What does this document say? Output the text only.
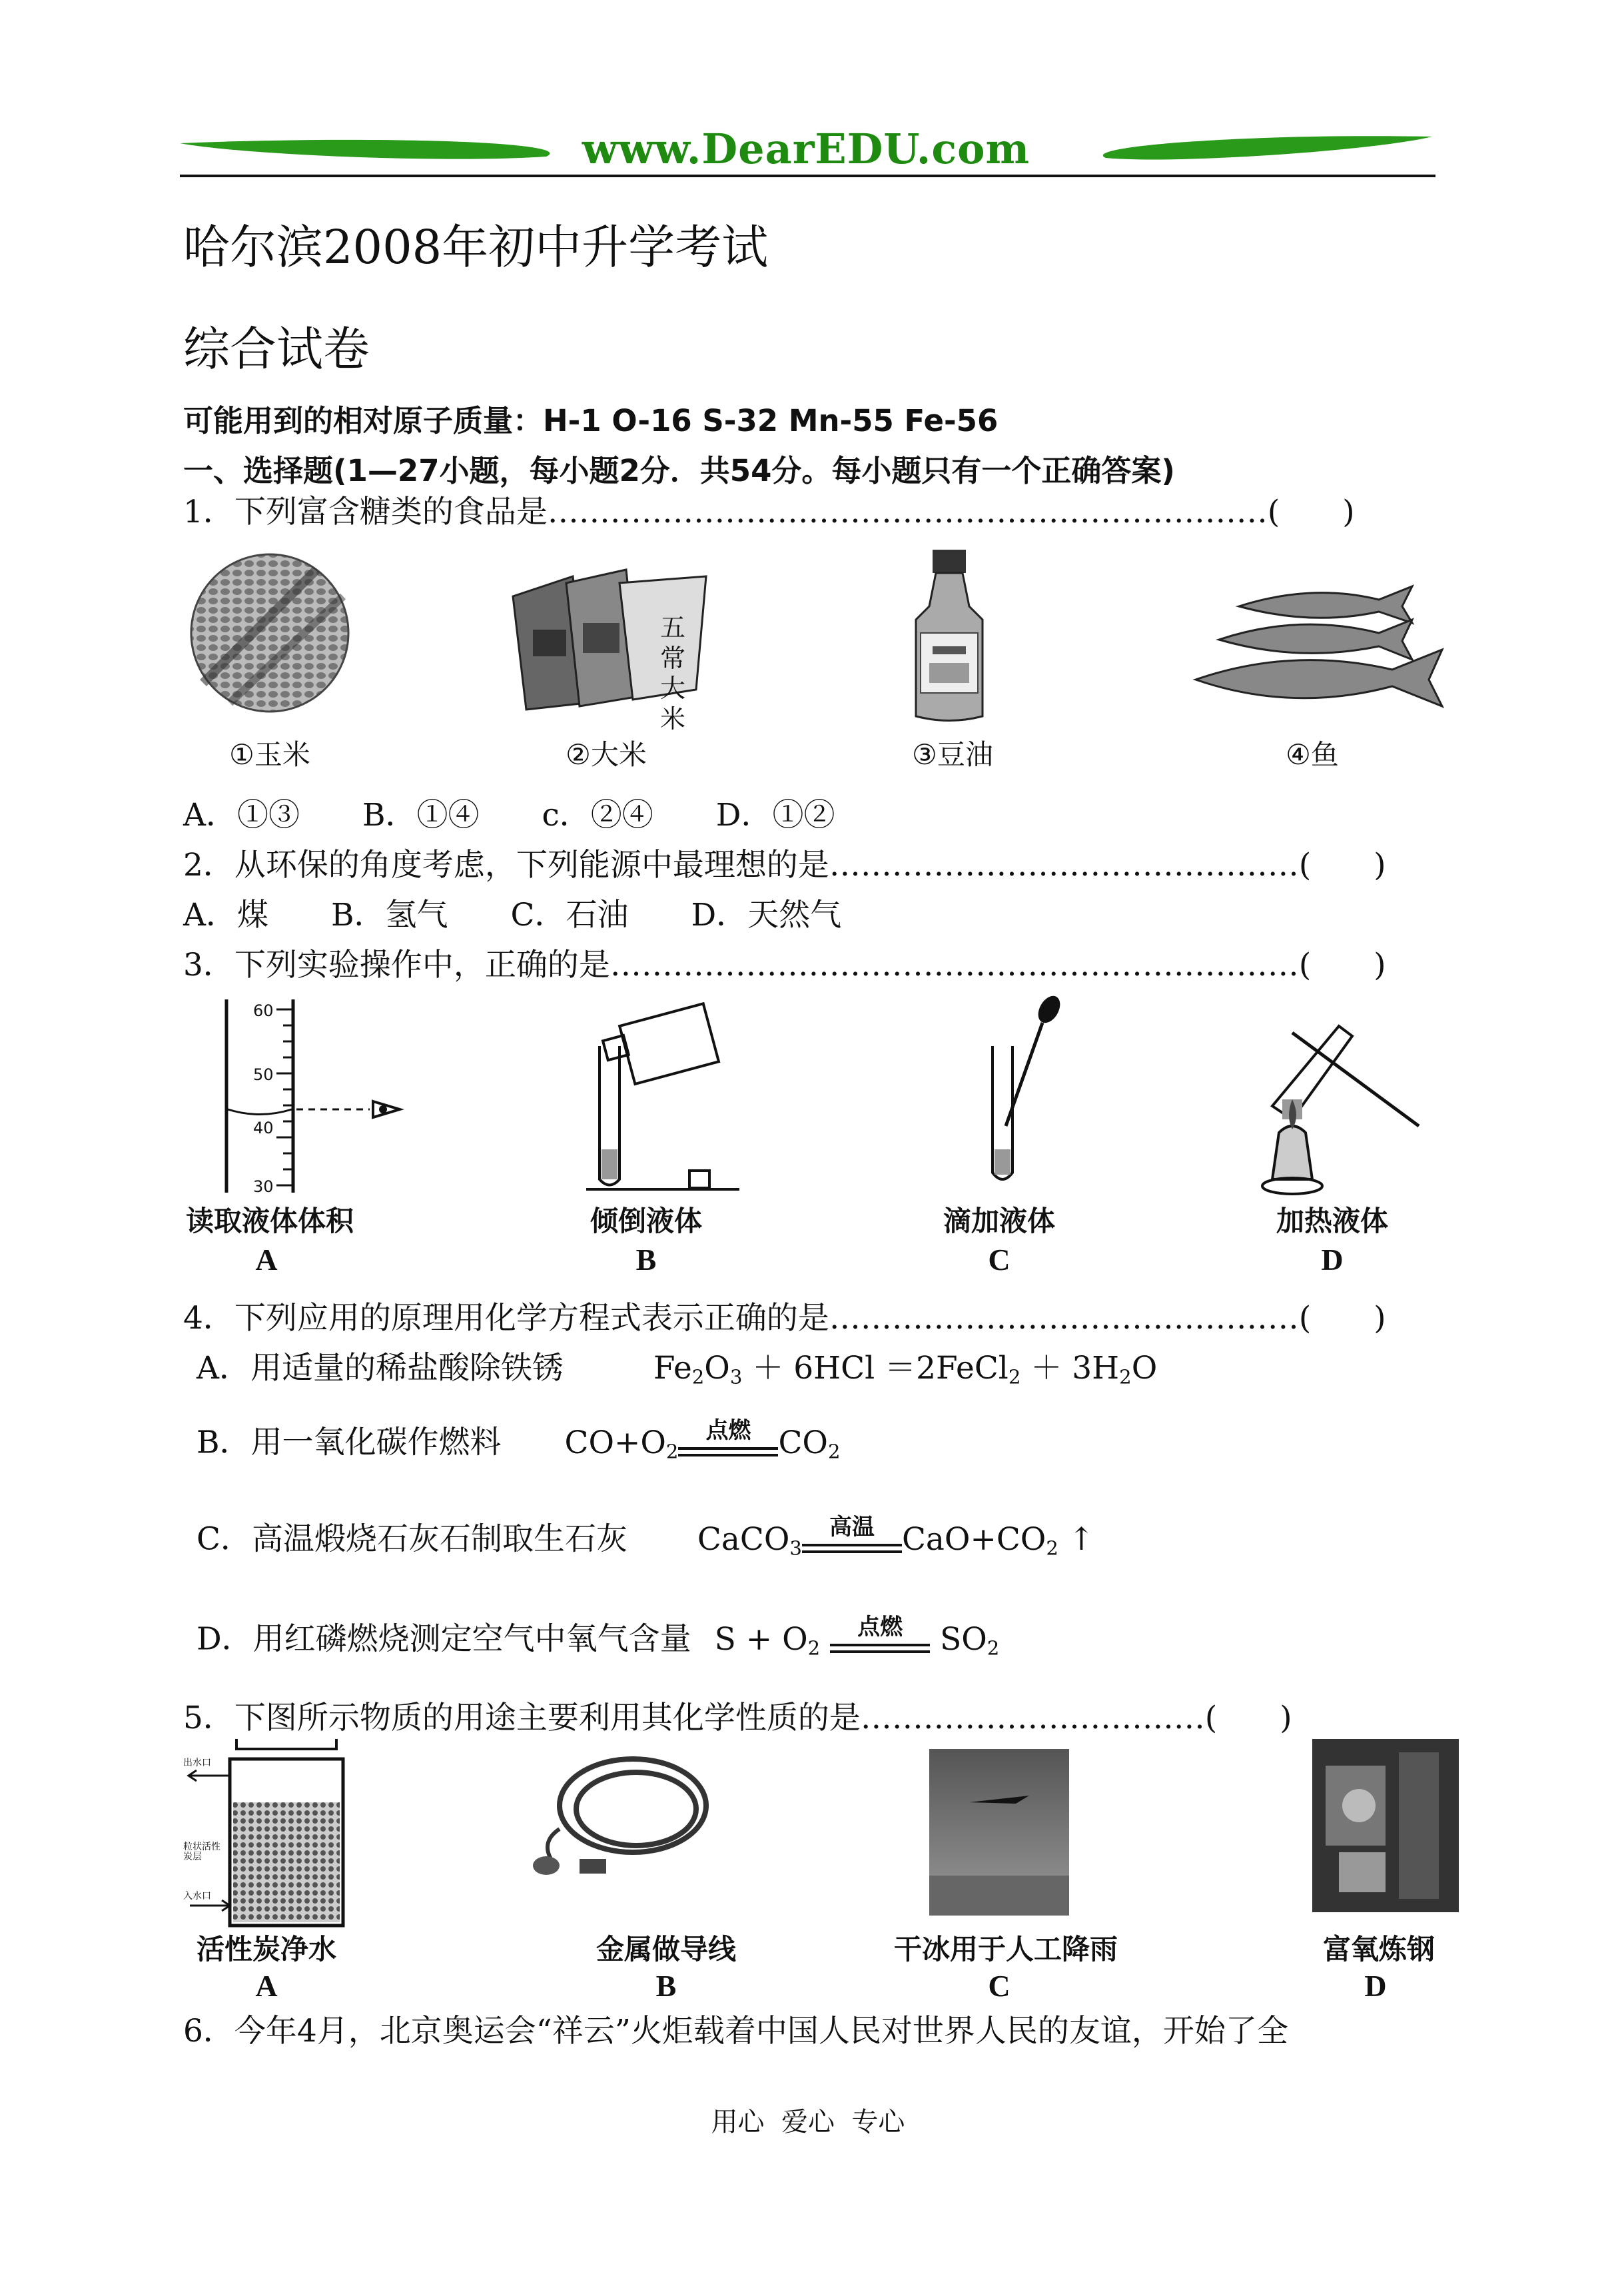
www.DearEDU.com
哈尔滨2008年初中升学考试
综合试卷
可能用到的相对原子质量：H-1 O-16 S-32 Mn-55 Fe-56
一、选择题(1—27小题，每小题2分．共54分。每小题只有一个正确答案)
1．下列富含糖类的食品是……………………………………………………………(　　)
五常大米
①玉米	②大米	③豆油	④鱼
A．①③　　B．①④　　c．②④　　D．①②
2．从环保的角度考虑，下列能源中最理想的是………………………………………(　　)
A．煤　　B．氢气　　C．石油　　D．天然气
3．下列实验操作中，正确的是…………………………………………………………(　　)
60
50
40
30
读取液体体积
A
倾倒液体
B
滴加液体
C
加热液体
D
4．下列应用的原理用化学方程式表示正确的是………………………………………(　　)
A．用适量的稀盐酸除铁锈	$Fe_2O_3 + 6HCl$ ＝2FeCl$_2$ ＋ $3H_2O$
B．用一氧化碳作燃料 $CO+O_2$
点燃 $CO_2$
C．高温煅烧石灰石制取生石灰 CaCO$_3$
高温 $CaO+CO_2$ ↑
D．用红磷燃烧测定空气中氧气含量 $S + O_2$
点燃 $SO_2$
5．下图所示物质的用途主要利用其化学性质的是……………………………(　　)
出水口
粒状活性炭层
入水口
活性炭净水
A
金属做导线
B
干冰用于人工降雨
C
富氧炼钢
D
6．今年4月，北京奥运会“祥云”火炬载着中国人民对世界人民的友谊，开始了全
用心  爱心  专心
